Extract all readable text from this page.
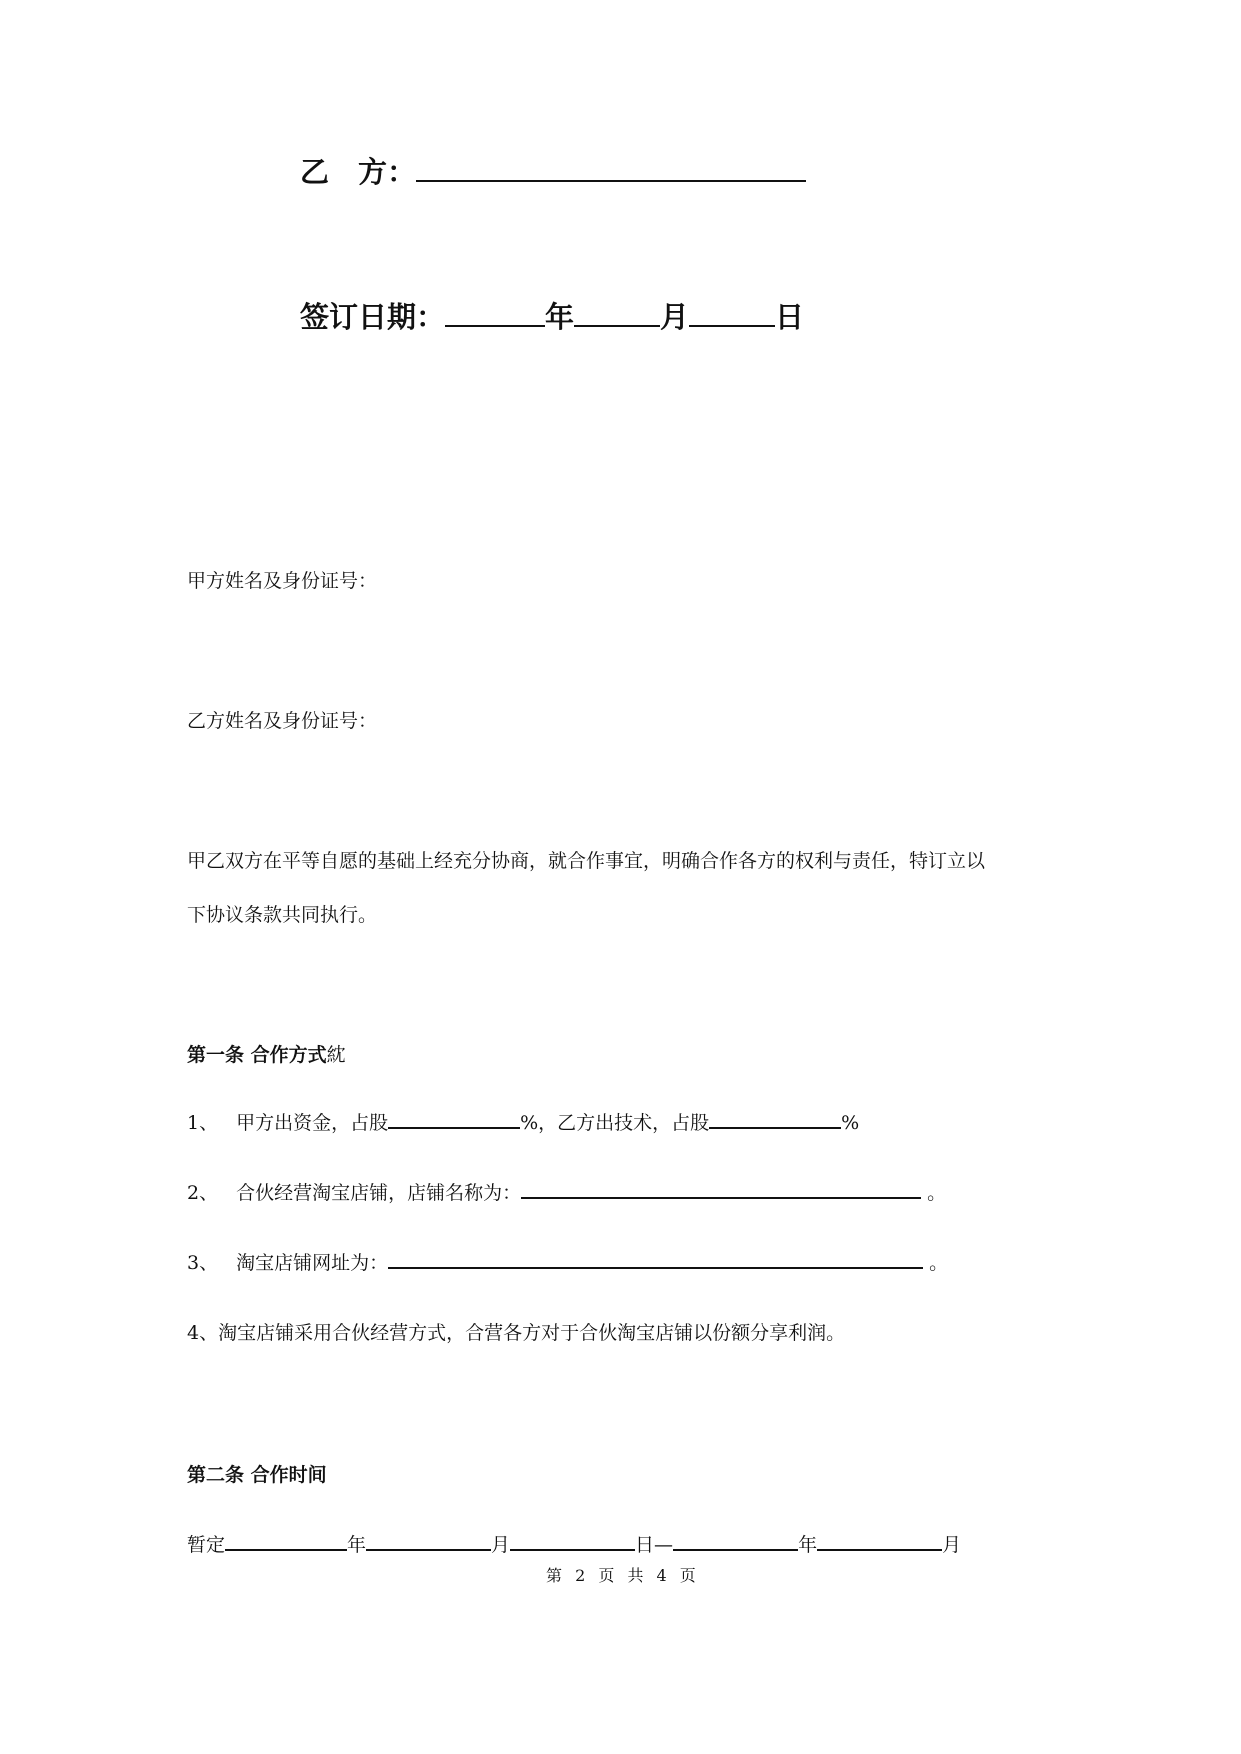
乙　方：
签订日期：	年	月	日
甲方姓名及身份证号：
乙方姓名及身份证号：
甲乙双方在平等自愿的基础上经充分协商，就合作事宜，明确合作各方的权利与责任，特订立以
下协议条款共同执行。
第一条 合作方式紞
1、 甲方出资金，占股	%，乙方出技术，占股	%
2、 合伙经营淘宝店铺，店铺名称为：	。
3、 淘宝店铺网址为：	。
4、淘宝店铺采用合伙经营方式，合营各方对于合伙淘宝店铺以份额分享利润。
第二条 合作时间
暂定	年	月	日—	年	月
第 2 页 共 4 页
